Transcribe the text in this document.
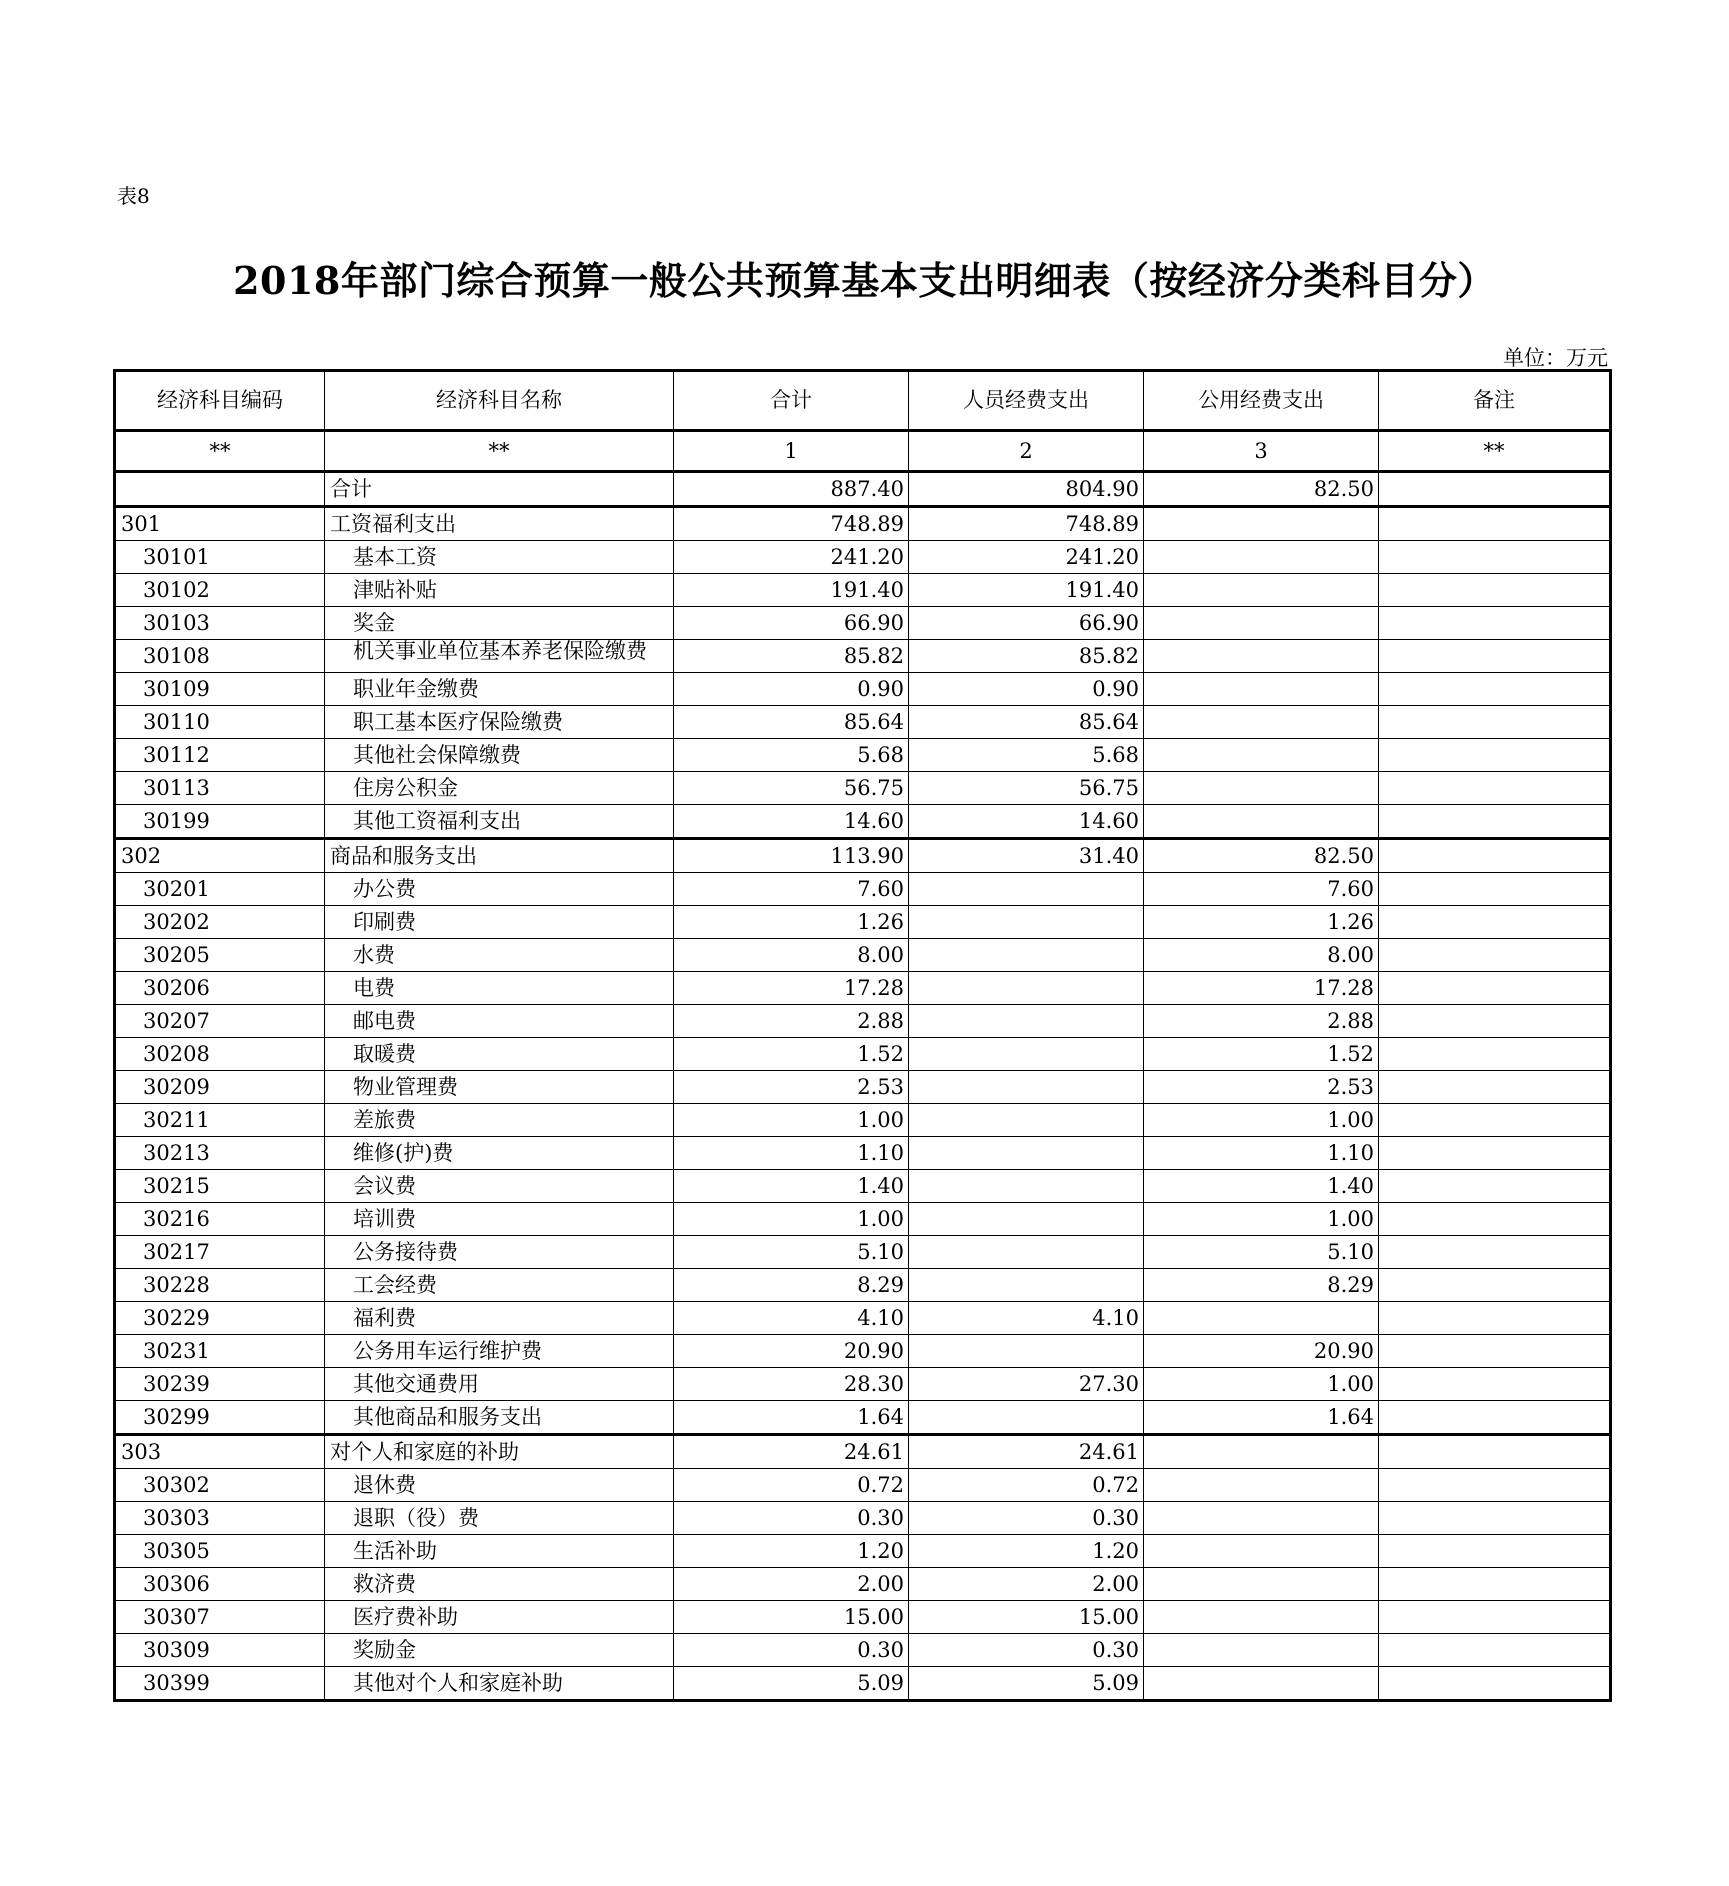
表8
2018年部门综合预算一般公共预算基本支出明细表（按经济分类科目分）
单位：万元
经济科目编码	经济科目名称	合计	人员经费支出	公用经费支出	备注
**	**	1	2	3	**
	合计	887.40	804.90	82.50	
301	工资福利支出	748.89	748.89		
30101	基本工资	241.20	241.20		
30102	津贴补贴	191.40	191.40		
30103	奖金	66.90	66.90		
30108	机关事业单位基本养老保险缴费	85.82	85.82		
30109	职业年金缴费	0.90	0.90		
30110	职工基本医疗保险缴费	85.64	85.64		
30112	其他社会保障缴费	5.68	5.68		
30113	住房公积金	56.75	56.75		
30199	其他工资福利支出	14.60	14.60		
302	商品和服务支出	113.90	31.40	82.50	
30201	办公费	7.60		7.60	
30202	印刷费	1.26		1.26	
30205	水费	8.00		8.00	
30206	电费	17.28		17.28	
30207	邮电费	2.88		2.88	
30208	取暖费	1.52		1.52	
30209	物业管理费	2.53		2.53	
30211	差旅费	1.00		1.00	
30213	维修(护)费	1.10		1.10	
30215	会议费	1.40		1.40	
30216	培训费	1.00		1.00	
30217	公务接待费	5.10		5.10	
30228	工会经费	8.29		8.29	
30229	福利费	4.10	4.10		
30231	公务用车运行维护费	20.90		20.90	
30239	其他交通费用	28.30	27.30	1.00	
30299	其他商品和服务支出	1.64		1.64	
303	对个人和家庭的补助	24.61	24.61		
30302	退休费	0.72	0.72		
30303	退职（役）费	0.30	0.30		
30305	生活补助	1.20	1.20		
30306	救济费	2.00	2.00		
30307	医疗费补助	15.00	15.00		
30309	奖励金	0.30	0.30		
30399	其他对个人和家庭补助	5.09	5.09		
